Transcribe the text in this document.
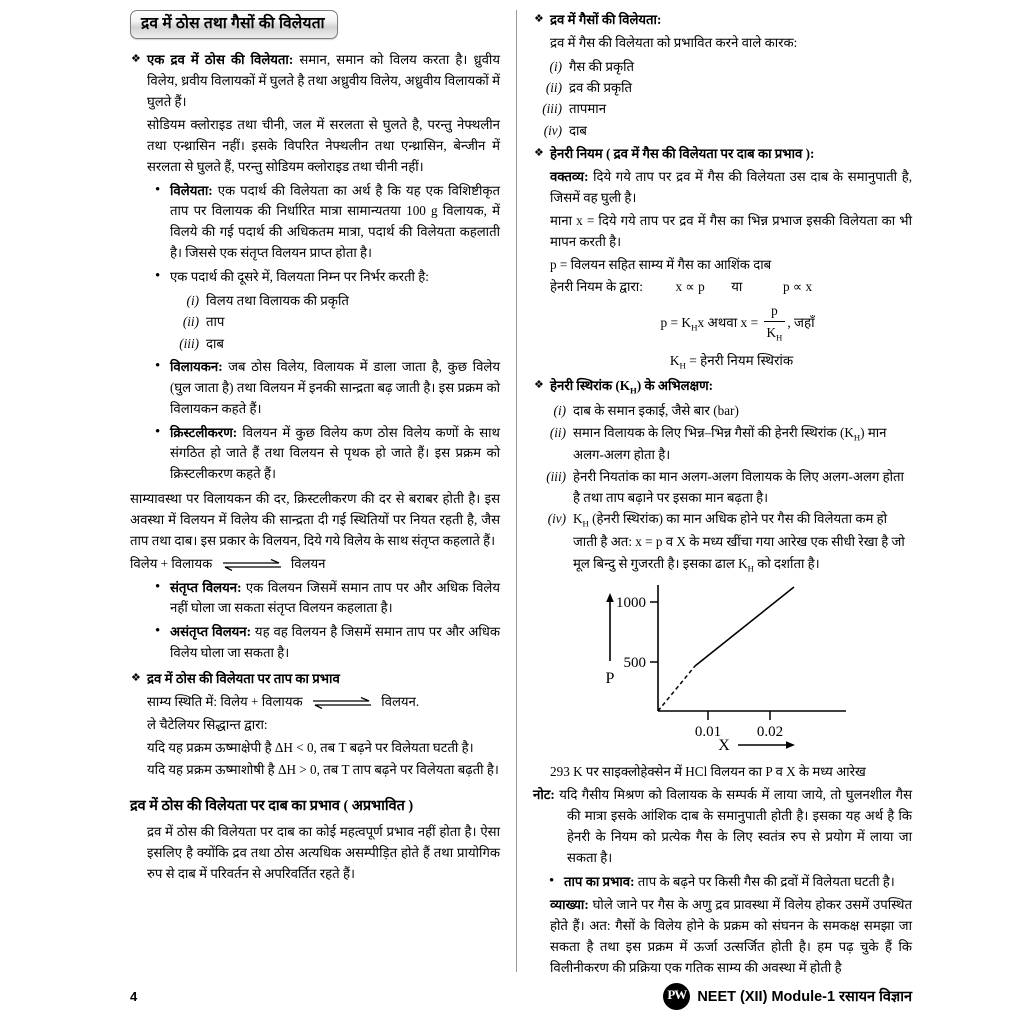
द्रव में ठोस तथा गैसों की विलेयता
❖ एक द्रव में ठोस की विलेयता: समान, समान को विलय करता है। ध्रुवीय विलेय, ध्रवीय विलायकों में घुलते है तथा अध्रुवीय विलेय, अध्रुवीय विलायकों में घुलते हैं।
सोडियम क्लोराइड तथा चीनी, जल में सरलता से घुलते है, परन्तु नेफ्थलीन तथा एन्थ्रासिन नहीं। इसके विपरित नेफ्थलीन तथा एन्थ्रासिन, बेन्जीन में सरलता से घुलते हैं, परन्तु सोडियम क्लोराइड तथा चीनी नहीं।
• विलेयता: एक पदार्थ की विलेयता का अर्थ है कि यह एक विशिष्टीकृत ताप पर विलायक की निर्धारित मात्रा सामान्यतया 100 g विलायक, में विलये की गई पदार्थ की अधिकतम मात्रा, पदार्थ की विलेयता कहलाती है। जिससे एक संतृप्त विलयन प्राप्त होता है।
• एक पदार्थ की दूसरे में, विलयता निम्न पर निर्भर करती है:
(i) विलय तथा विलायक की प्रकृति
(ii) ताप
(iii) दाब
• विलायकन: जब ठोस विलेय, विलायक में डाला जाता है, कुछ विलेय (घुल जाता है) तथा विलयन में इनकी सान्द्रता बढ़ जाती है। इस प्रक्रम को विलायकन कहते हैं।
• क्रिस्टलीकरण: विलयन में कुछ विलेय कण ठोस विलेय कणों के साथ संगठित हो जाते हैं तथा विलयन से पृथक हो जाते हैं। इस प्रक्रम को क्रिस्टलीकरण कहते हैं।
साम्यावस्था पर विलायकन की दर, क्रिस्टलीकरण की दर से बराबर होती है। इस अवस्था में विलयन में विलेय की सान्द्रता दी गई स्थितियों पर नियत रहती है, जैस ताप तथा दाब। इस प्रकार के विलयन, दिये गये विलेय के साथ संतृप्त कहलाते हैं।
विलेय + विलायक	विलयन
• संतृप्त विलयन: एक विलयन जिसमें समान ताप पर और अधिक विलेय नहीं घोला जा सकता संतृप्त विलयन कहलाता है।
• असंतृप्त विलयन: यह वह विलयन है जिसमें समान ताप पर और अधिक विलेय घोला जा सकता है।
❖ द्रव में ठोस की विलेयता पर ताप का प्रभाव
साम्य स्थिति में: विलेय + विलायक	विलयन.
ले चैटेलियर सिद्धान्त द्वारा:
यदि यह प्रक्रम ऊष्माक्षेपी है ΔH < 0, तब T बढ़ने पर विलेयता घटती है।
यदि यह प्रक्रम ऊष्माशोषी है ΔH > 0, तब T ताप बढ़ने पर विलेयता बढ़ती है।
द्रव में ठोस की विलेयता पर दाब का प्रभाव ( अप्रभावित )
द्रव में ठोस की विलेयता पर दाब का कोई महत्वपूर्ण प्रभाव नहीं होता है। ऐसा इसलिए है क्योंकि द्रव तथा ठोस अत्यधिक असम्पीड़ित होते हैं तथा प्रायोगिक रुप से दाब में परिवर्तन से अपरिवर्तित रहते हैं।
❖ द्रव में गैसों की विलेयता:
द्रव में गैस की विलेयता को प्रभावित करने वाले कारक:
(i) गैस की प्रकृति
(ii) द्रव की प्रकृति
(iii) तापमान
(iv) दाब
❖ हेनरी नियम ( द्रव में गैस की विलेयता पर दाब का प्रभाव ):
वक्तव्य: दिये गये ताप पर द्रव में गैस की विलेयता उस दाब के समानुपाती है, जिसमें वह घुली है।
माना x = दिये गये ताप पर द्रव में गैस का भिन्न प्रभाज इसकी विलेयता का भी मापन करती है।
p = विलयन सहित साम्य में गैस का आशिंक दाब
हेनरी नियम के द्वारा: x ∝ p या	p ∝ x
$p = K_Hx$ अथवा $x = \frac{p}{K_H}$ , जहाँ
$K_H$ = हेनरी नियम स्थिरांक
❖ हेनरी स्थिरांक $(K_H)$ के अभिलक्षण:
(i) दाब के समान इकाई, जैसे बार (bar)
(ii) समान विलायक के लिए भिन्न–भिन्न गैसों की हेनरी स्थिरांक $(K_H)$ मान अलग-अलग होता है।
(iii) हेनरी नियतांक का मान अलग-अलग विलायक के लिए अलग-अलग होता है तथा ताप बढ़ाने पर इसका मान बढ़ता है।
(iv) $K_H$ (हेनरी स्थिरांक) का मान अधिक होने पर गैस की विलेयता कम हो जाती है अत: x = p व X के मध्य खींचा गया आरेख एक सीधी रेखा है जो मूल बिन्दु से गुजरती है। इसका ढाल $K_H$ को दर्शाता है।
1000
500
0.01 0.02
P
X
293 K पर साइक्लोहेक्सेन में HCl विलयन का P व X के मध्य आरेख
नोट: यदि गैसीय मिश्रण को विलायक के सम्पर्क में लाया जाये, तो घुलनशील गैस की मात्रा इसके आंशिक दाब के समानुपाती होती है। इसका यह अर्थ है कि हेनरी के नियम को प्रत्येक गैस के लिए स्वतंत्र रुप से प्रयोग में लाया जा सकता है।
• ताप का प्रभाव: ताप के बढ़ने पर किसी गैस की द्रवों में विलेयता घटती है।
व्याख्या: घोले जाने पर गैस के अणु द्रव प्रावस्था में विलेय होकर उसमें उपस्थित होते हैं। अत: गैसों के विलेय होने के प्रक्रम को संघनन के समकक्ष समझा जा सकता है तथा इस प्रक्रम में ऊर्जा उत्सर्जित होती है। हम पढ़ चुके हैं कि विलीनीकरण की प्रक्रिया एक गतिक साम्य की अवस्था में होती है
4	PW NEET (XII) Module-1 रसायन विज्ञान
